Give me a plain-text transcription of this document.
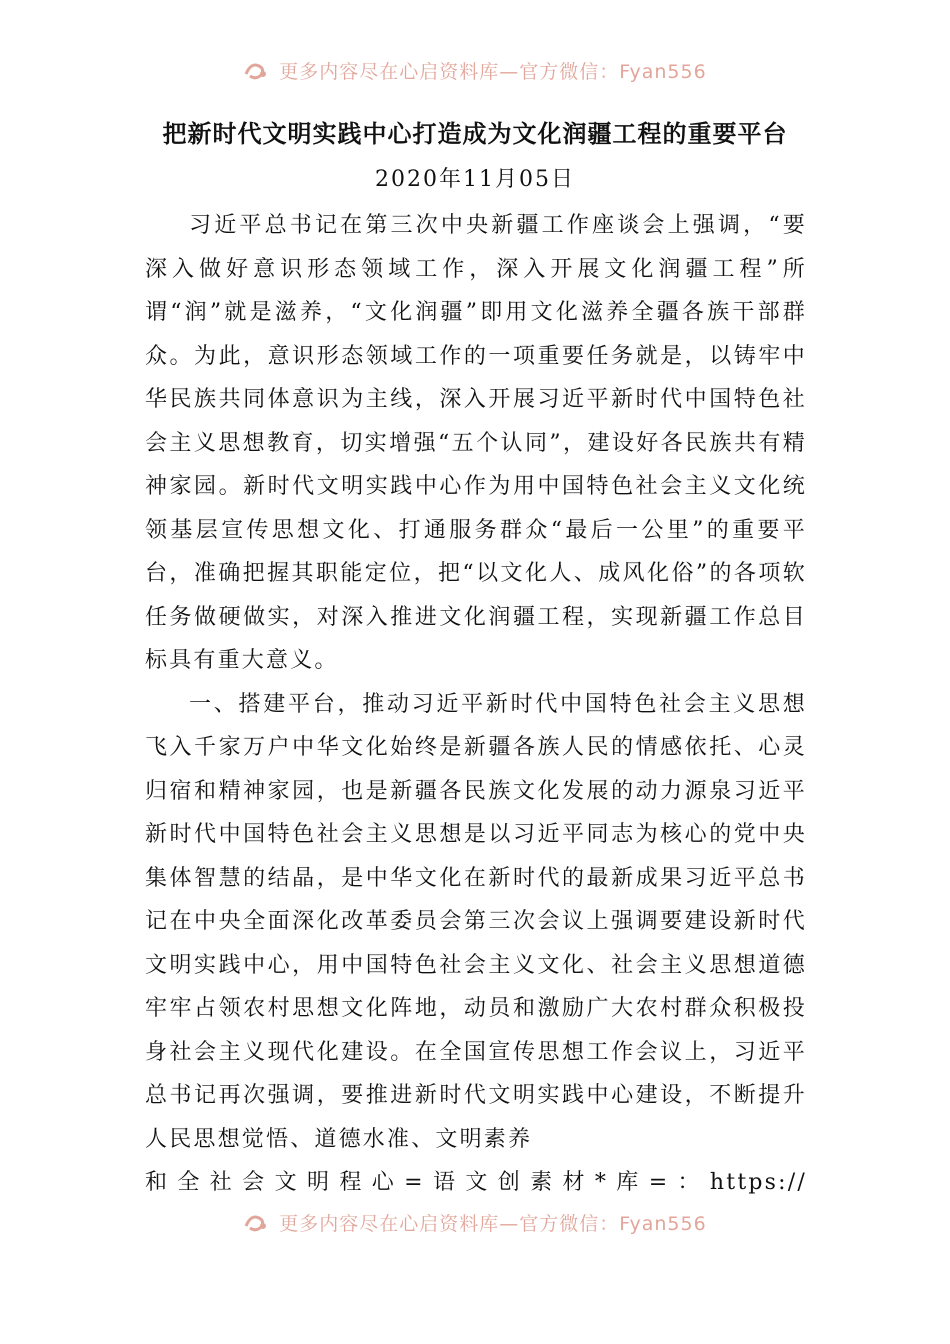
更多内容尽在心启资料库—官方微信：Fyan556
把新时代文明实践中心打造成为文化润疆工程的重要平台
2020年11月05日

习近平总书记在第三次中央新疆工作座谈会上强调，“要深入做好意识形态领域工作，深入开展文化润疆工程”所谓“润”就是滋养，“文化润疆”即用文化滋养全疆各族干部群众。为此，意识形态领域工作的一项重要任务就是，以铸牢中华民族共同体意识为主线，深入开展习近平新时代中国特色社会主义思想教育，切实增强“五个认同”，建设好各民族共有精神家园。新时代文明实践中心作为用中国特色社会主义文化统领基层宣传思想文化、打通服务群众“最后一公里”的重要平台，准确把握其职能定位，把“以文化人、成风化俗”的各项软任务做硬做实，对深入推进文化润疆工程，实现新疆工作总目标具有重大意义。

一、搭建平台，推动习近平新时代中国特色社会主义思想飞入千家万户中华文化始终是新疆各族人民的情感依托、心灵归宿和精神家园，也是新疆各民族文化发展的动力源泉习近平新时代中国特色社会主义思想是以习近平同志为核心的党中央集体智慧的结晶，是中华文化在新时代的最新成果习近平总书记在中央全面深化改革委员会第三次会议上强调要建设新时代文明实践中心，用中国特色社会主义文化、社会主义思想道德牢牢占领农村思想文化阵地，动员和激励广大农村群众积极投身社会主义现代化建设。在全国宣传思想工作会议上，习近平总书记再次强调，要推进新时代文明实践中心建设，不断提升人民思想觉悟、道德水准、文明素养

和 全 社 会 文 明 程 心 = 语 文 创 素 材 * 库 = ： https://
更多内容尽在心启资料库—官方微信：Fyan556
